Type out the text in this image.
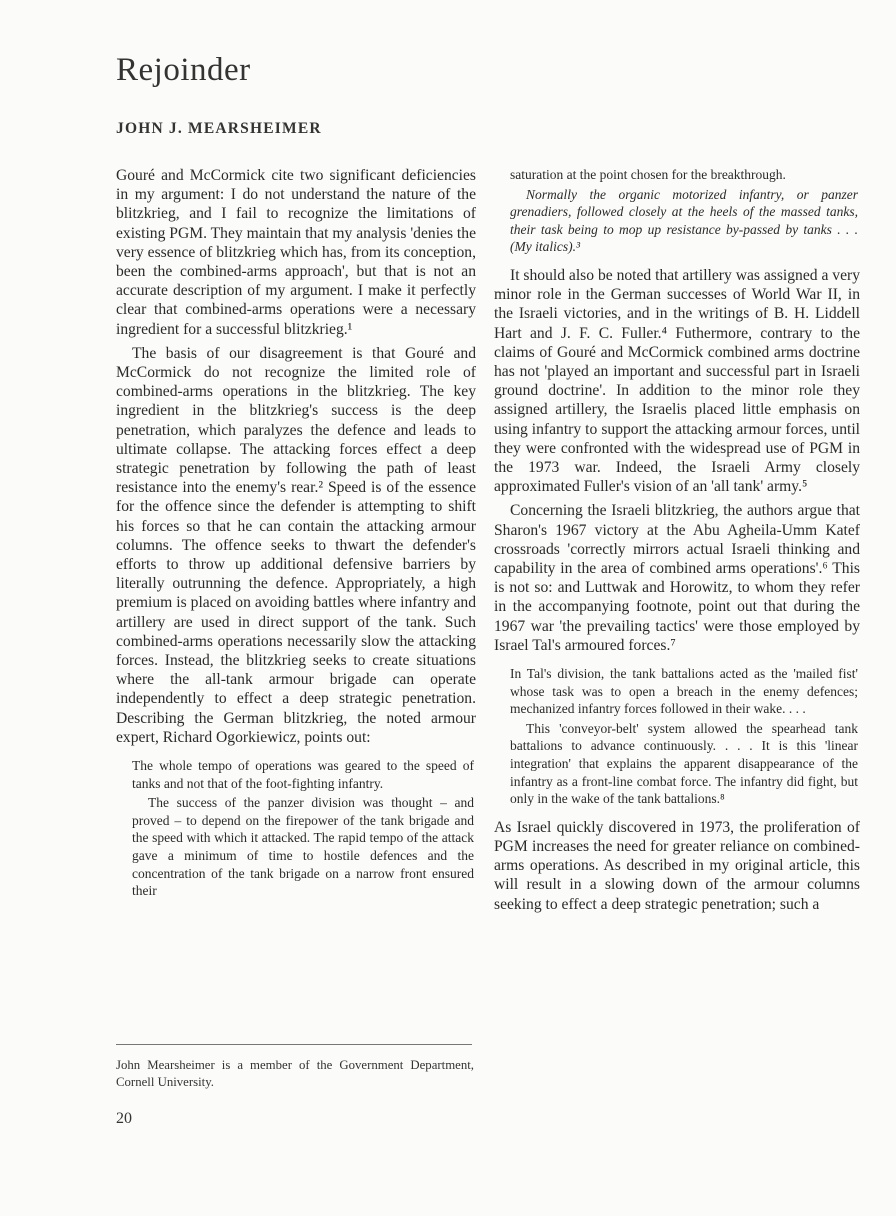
Rejoinder
JOHN J. MEARSHEIMER

Gouré and McCormick cite two significant deficiencies in my argument: I do not understand the nature of the blitzkrieg, and I fail to recognize the limitations of existing PGM. They maintain that my analysis 'denies the very essence of blitzkrieg which has, from its conception, been the combined-arms approach', but that is not an accurate description of my argument. I make it perfectly clear that combined-arms operations were a necessary ingredient for a successful blitzkrieg.¹

The basis of our disagreement is that Gouré and McCormick do not recognize the limited role of combined-arms operations in the blitzkrieg. The key ingredient in the blitzkrieg's success is the deep penetration, which paralyzes the defence and leads to ultimate collapse. The attacking forces effect a deep strategic penetration by following the path of least resistance into the enemy's rear.² Speed is of the essence for the offence since the defender is attempting to shift his forces so that he can contain the attacking armour columns. The offence seeks to thwart the defender's efforts to throw up additional defensive barriers by literally outrunning the defence. Appropriately, a high premium is placed on avoiding battles where infantry and artillery are used in direct support of the tank. Such combined-arms operations necessarily slow the attacking forces. Instead, the blitzkrieg seeks to create situations where the all-tank armour brigade can operate independently to effect a deep strategic penetration. Describing the German blitzkrieg, the noted armour expert, Richard Ogorkiewicz, points out:

The whole tempo of operations was geared to the speed of tanks and not that of the foot-fighting infantry.

The success of the panzer division was thought – and proved – to depend on the firepower of the tank brigade and the speed with which it attacked. The rapid tempo of the attack gave a minimum of time to hostile defences and the concentration of the tank brigade on a narrow front ensured their

saturation at the point chosen for the breakthrough.

Normally the organic motorized infantry, or panzer grenadiers, followed closely at the heels of the massed tanks, their task being to mop up resistance by-passed by tanks . . . (My italics).³

It should also be noted that artillery was assigned a very minor role in the German successes of World War II, in the Israeli victories, and in the writings of B. H. Liddell Hart and J. F. C. Fuller.⁴ Futhermore, contrary to the claims of Gouré and McCormick combined arms doctrine has not 'played an important and successful part in Israeli ground doctrine'. In addition to the minor role they assigned artillery, the Israelis placed little emphasis on using infantry to support the attacking armour forces, until they were confronted with the widespread use of PGM in the 1973 war. Indeed, the Israeli Army closely approximated Fuller's vision of an 'all tank' army.⁵

Concerning the Israeli blitzkrieg, the authors argue that Sharon's 1967 victory at the Abu Agheila-Umm Katef crossroads 'correctly mirrors actual Israeli thinking and capability in the area of combined arms operations'.⁶ This is not so: and Luttwak and Horowitz, to whom they refer in the accompanying footnote, point out that during the 1967 war 'the prevailing tactics' were those employed by Israel Tal's armoured forces.⁷

In Tal's division, the tank battalions acted as the 'mailed fist' whose task was to open a breach in the enemy defences; mechanized infantry forces followed in their wake. . . .

This 'conveyor-belt' system allowed the spearhead tank battalions to advance continuously. . . . It is this 'linear integration' that explains the apparent disappearance of the infantry as a front-line combat force. The infantry did fight, but only in the wake of the tank battalions.⁸

As Israel quickly discovered in 1973, the proliferation of PGM increases the need for greater reliance on combined-arms operations. As described in my original article, this will result in a slowing down of the armour columns seeking to effect a deep strategic penetration; such a

John Mearsheimer is a member of the Government Department, Cornell University.
20
